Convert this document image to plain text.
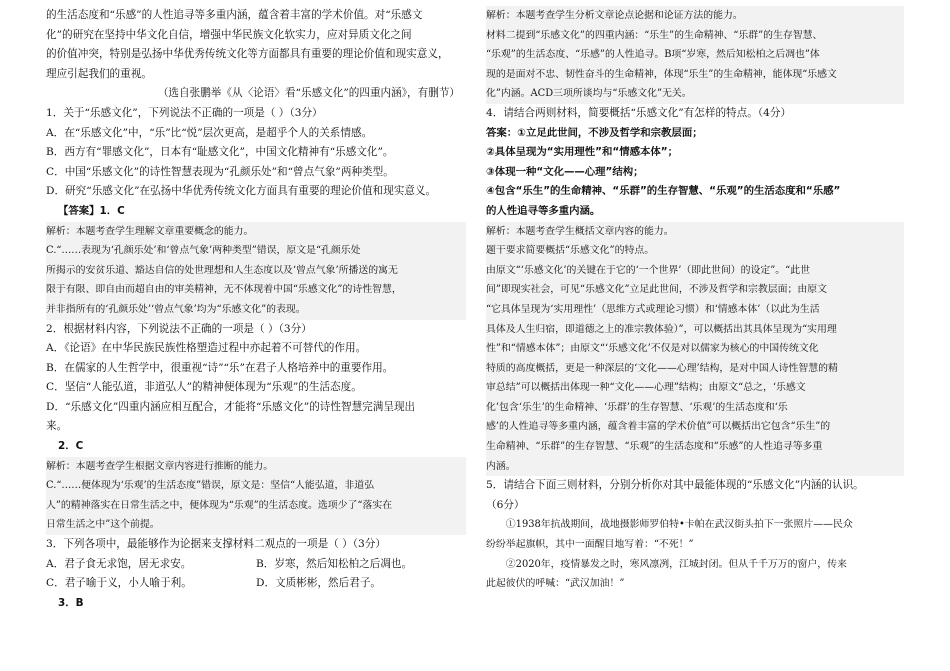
的生活态度和“乐感”的人性追寻等多重内涵，蕴含着丰富的学术价值。对“乐感文

化”的研究在坚持中华文化自信，增强中华民族文化软实力，应对异质文化之间

的价值冲突，特别是弘扬中华优秀传统文化等方面都具有重要的理论价值和现实意义，

理应引起我们的重视。

（选自张鹏举《从〈论语〉看“乐感文化”的四重内涵》，有删节）

1．关于“乐感文化”，下列说法不正确的一项是（ ）（3分）

A．在“乐感文化”中，“乐”比“悦”层次更高，是超乎个人的关系情感。

B．西方有“罪感文化”，日本有“耻感文化”，中国文化精神有“乐感文化”。

C．中国“乐感文化”的诗性智慧表现为“孔颜乐处”和“曾点气象”两种类型。

D．研究“乐感文化”在弘扬中华优秀传统文化方面具有重要的理论价值和现实意义。

【答案】1．C

解析：本题考查学生理解文章重要概念的能力。
C.“……表现为‘孔颜乐处’和‘曾点气象’两种类型”错误，原文是“孔颜乐处
所揭示的安贫乐道、豁达自信的处世理想和人生态度以及‘曾点气象’所播送的寓无
限于有限、即自由而超自由的审美精神，无不体现着中国“乐感文化”的诗性智慧，
并非指所有的‘孔颜乐处’‘曾点气象’均为“乐感文化”的表现。

2．根据材料内容，下列说法不正确的一项是（ ）（3分）

A．《论语》在中华民族民族性格塑造过程中亦起着不可替代的作用。

B．在儒家的人生哲学中，很重视“诗”“乐”在君子人格培养中的重要作用。

C．坚信“人能弘道，非道弘人”的精神便体现为“乐观”的生活态度。

D．“乐感文化”四重内涵应相互配合，才能将“乐感文化”的诗性智慧完满呈现出

来。

2．C

解析：本题考查学生根据文章内容进行推断的能力。
C.“……便体现为‘乐观’的生活态度”错误，原文是：坚信“人能弘道，非道弘
人”的精神落实在日常生活之中，便体现为“乐观”的生活态度。选项少了“落实在
日常生活之中”这个前提。

3．下列各项中，最能够作为论据来支撑材料二观点的一项是（ ）（3分）

A．君子食无求饱，居无求安。	B．岁寒，然后知松柏之后凋也。
C．君子喻于义，小人喻于利。	D．文质彬彬，然后君子。

3．B

解析：本题考查学生分析文章论点论据和论证方法的能力。
材料二提到“乐感文化”的四重内涵：“乐生”的生命精神、“乐群”的生存智慧、
“乐观”的生活态度、“乐感”的人性追寻。B项“岁寒，然后知松柏之后凋也”体
现的是面对不忠、韧性奋斗的生命精神，体现“乐生”的生命精神，能体现“乐感文
化”内涵。ACD三项所谈均与“乐感文化”无关。

4．请结合两则材料，简要概括“乐感文化”有怎样的特点。（4分）

答案：①立足此世间，不涉及哲学和宗教层面；

②具体呈现为“实用理性”和“情感本体”；

③体现一种“文化——心理”结构；

④包含“乐生”的生命精神、“乐群”的生存智慧、“乐观”的生活态度和“乐感”

的人性追寻等多重内涵。

解析：本题考查学生概括文章内容的能力。
题干要求简要概括“乐感文化”的特点。
由原文“‘乐感文化’的关键在于它的‘一个世界’（即此世间）的设定”。“此世
间”即现实社会，可见“乐感文化”立足此世间，不涉及哲学和宗教层面；由原文
“它具体呈现为‘实用理性’（思维方式或理论习惯）和‘情感本体’（以此为生活
具体及人生归宿，即道德之上的准宗教体验）”，可以概括出其具体呈现为“实用理
性”和“情感本体”；由原文“‘乐感文化’不仅是对以儒家为核心的中国传统文化
特质的高度概括，更是一种深层的‘文化——心理’结构，是对中国人诗性智慧的精
审总结”可以概括出体现一种“文化——心理”结构；由原文“总之，‘乐感文
化’包含‘乐生’的生命精神、‘乐群’的生存智慧、‘乐观’的生活态度和‘乐
感’的人性追寻等多重内涵，蕴含着丰富的学术价值”可以概括出它包含“乐生”的
生命精神、“乐群”的生存智慧、“乐观”的生活态度和“乐感”的人性追寻等多重
内涵。

5．请结合下面三则材料，分别分析你对其中最能体现的“乐感文化”内涵的认识。

（6分）

①1938年抗战期间，战地摄影师罗伯特•卡帕在武汉街头拍下一张照片——民众

纷纷举起旗帜，其中一面醒目地写着：“不死！”

②2020年，疫情暴发之时，寒风凛冽，江城封闭。但从千千万万的窗户，传来

此起彼伏的呼喊：“武汉加油！”
